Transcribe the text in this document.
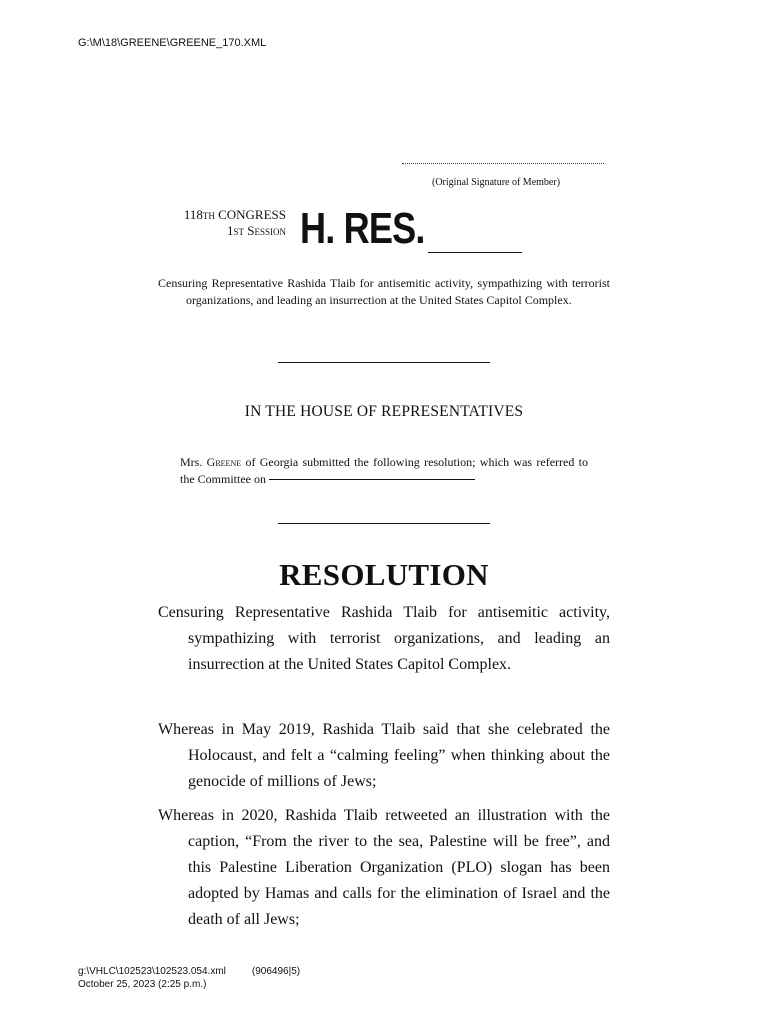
G:\M\18\GREENE\GREENE_170.XML
(Original Signature of Member)
118th CONGRESS
1st Session H. RES.

Censuring Representative Rashida Tlaib for antisemitic activity, sympathizing with terrorist organizations, and leading an insurrection at the United States Capitol Complex.

IN THE HOUSE OF REPRESENTATIVES

Mrs. Greene of Georgia submitted the following resolution; which was referred to the Committee on

RESOLUTION

Censuring Representative Rashida Tlaib for antisemitic activity, sympathizing with terrorist organizations, and leading an insurrection at the United States Capitol Complex.

Whereas in May 2019, Rashida Tlaib said that she celebrated the Holocaust, and felt a “calming feeling” when thinking about the genocide of millions of Jews;

Whereas in 2020, Rashida Tlaib retweeted an illustration with the caption, “From the river to the sea, Palestine will be free”, and this Palestine Liberation Organization (PLO) slogan has been adopted by Hamas and calls for the elimination of Israel and the death of all Jews;

g:\VHLC\102523\102523.054.xml	(906496|5)
October 25, 2023 (2:25 p.m.)
